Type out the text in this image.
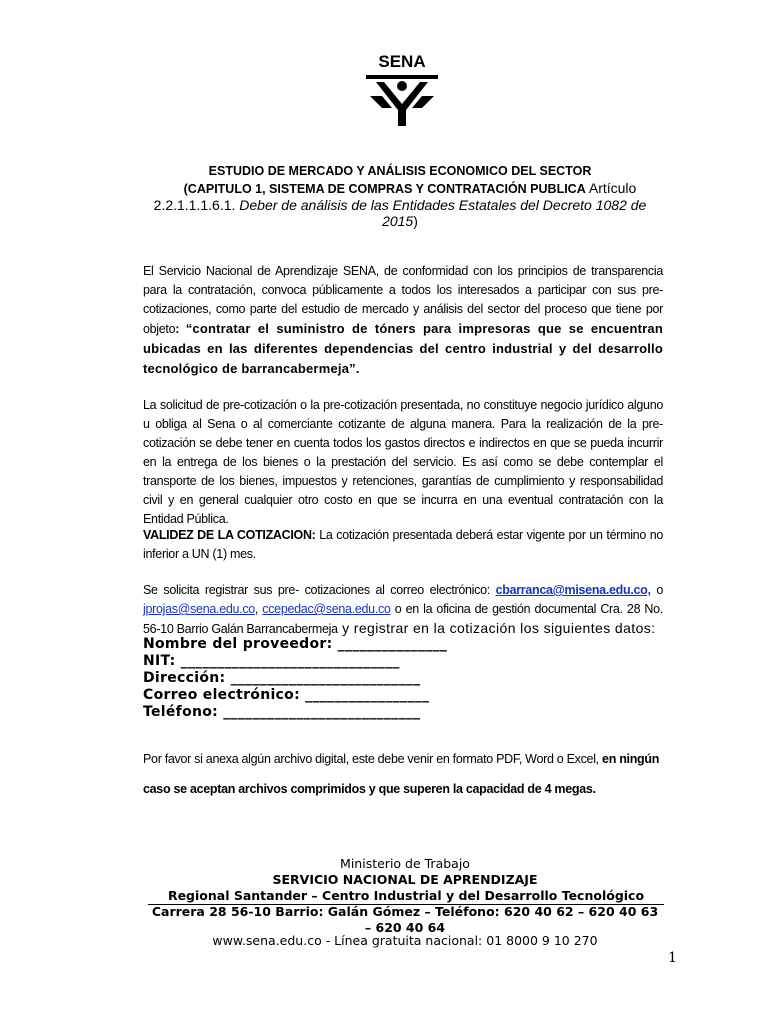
SENA
ESTUDIO DE MERCADO Y ANÁLISIS ECONOMICO DEL SECTOR
(CAPITULO 1, SISTEMA DE COMPRAS Y CONTRATACIÓN PUBLICA Artículo
2.2.1.1.1.6.1. Deber de análisis de las Entidades Estatales del Decreto 1082 de 2015)
El Servicio Nacional de Aprendizaje SENA, de conformidad con los principios de transparencia para la contratación, convoca públicamente a todos los interesados a participar con sus pre- cotizaciones, como parte del estudio de mercado y análisis del sector del proceso que tiene por objeto: “contratar el suministro de tóners para impresoras que se encuentran ubicadas en las diferentes dependencias del centro industrial y del desarrollo tecnológico de barrancabermeja”.
La solicitud de pre-cotización o la pre-cotización presentada, no constituye negocio jurídico alguno u obliga al Sena o al comerciante cotizante de alguna manera. Para la realización de la pre-cotización se debe tener en cuenta todos los gastos directos e indirectos en que se pueda incurrir en la entrega de los bienes o la prestación del servicio. Es así como se debe contemplar el transporte de los bienes, impuestos y retenciones, garantías de cumplimiento y responsabilidad civil y en general cualquier otro costo en que se incurra en una eventual contratación con la Entidad Pública.
VALIDEZ DE LA COTIZACION: La cotización presentada deberá estar vigente por un término no inferior a UN (1) mes.
Se solicita registrar sus pre- cotizaciones al correo electrónico: cbarranca@misena.edu.co, o jprojas@sena.edu.co, ccepedac@sena.edu.co o en la oficina de gestión documental Cra. 28 No. 56-10 Barrio Galán Barrancabermeja y registrar en la cotización los siguientes datos:
Nombre del proveedor: _______________
NIT: ______________________________
Dirección: __________________________
Correo electrónico: _________________
Teléfono: ___________________________
Por favor si anexa algún archivo digital, este debe venir en formato PDF, Word o Excel, en ningún caso se aceptan archivos comprimidos y que superen la capacidad de 4 megas.
Ministerio de Trabajo
SERVICIO NACIONAL DE APRENDIZAJE
Regional Santander – Centro Industrial y del Desarrollo Tecnológico
Carrera 28 56-10 Barrio: Galán Gómez – Teléfono: 620 40 62 – 620 40 63
– 620 40 64
www.sena.edu.co - Línea gratuita nacional: 01 8000 9 10 270
1
